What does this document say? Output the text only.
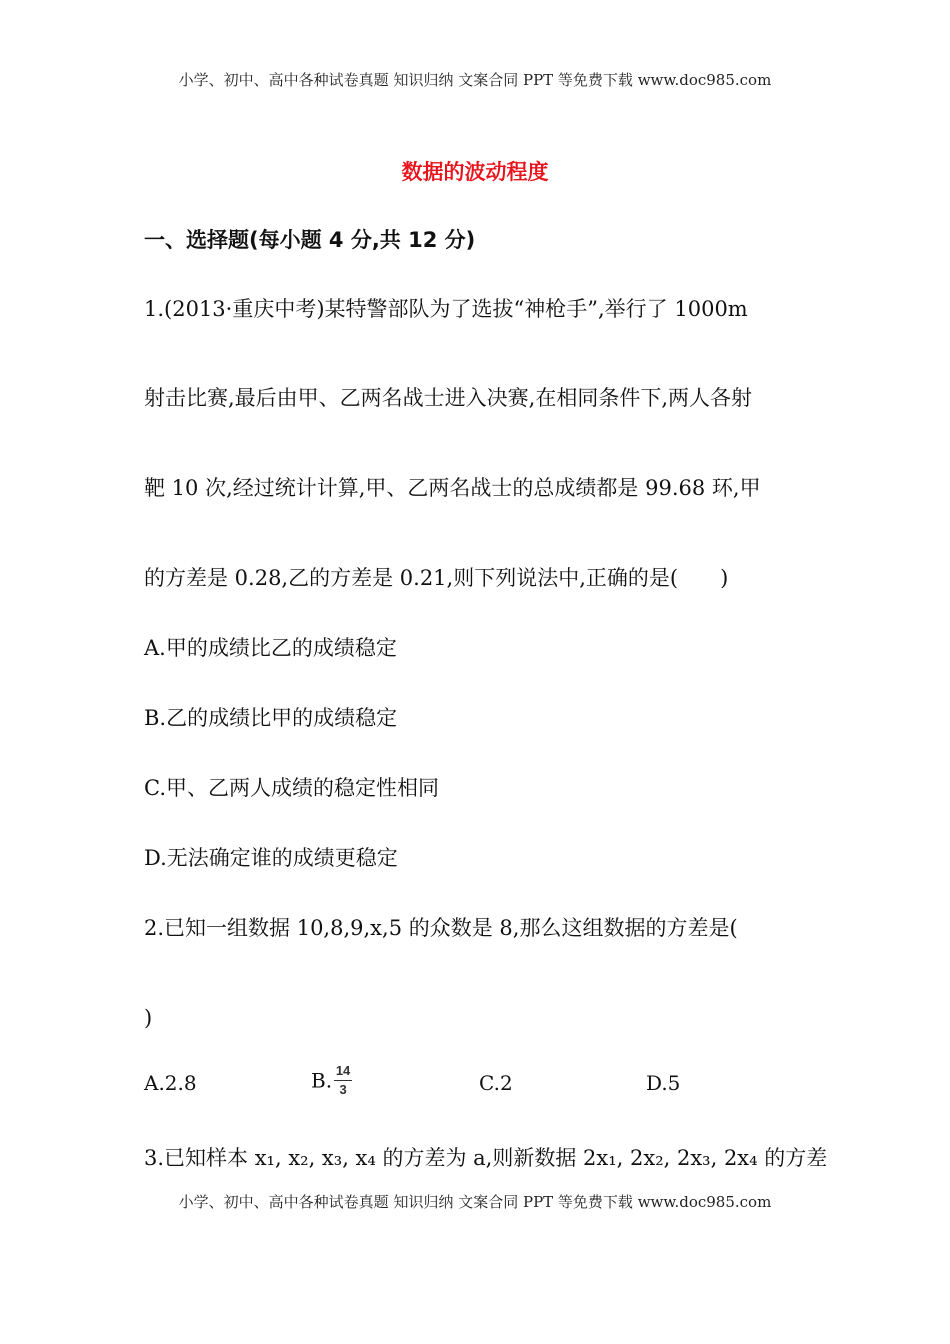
小学、初中、高中各种试卷真题 知识归纳 文案合同 PPT 等免费下载 www.doc985.com
数据的波动程度
一、选择题(每小题 4 分,共 12 分)
1.(2013·重庆中考)某特警部队为了选拔“神枪手”,举行了 1000m
射击比赛,最后由甲、乙两名战士进入决赛,在相同条件下,两人各射
靶 10 次,经过统计计算,甲、乙两名战士的总成绩都是 99.68 环,甲
的方差是 0.28,乙的方差是 0.21,则下列说法中,正确的是(　　)
A.甲的成绩比乙的成绩稳定
B.乙的成绩比甲的成绩稳定
C.甲、乙两人成绩的稳定性相同
D.无法确定谁的成绩更稳定
2.已知一组数据 10,8,9,x,5 的众数是 8,那么这组数据的方差是(
)
A.2.8	B. $\frac{14}{3}$	C.2	D.5
3.已知样本 x₁, x₂, x₃, x₄ 的方差为 a,则新数据 2x₁, 2x₂, 2x₃, 2x₄ 的方差
小学、初中、高中各种试卷真题 知识归纳 文案合同 PPT 等免费下载 www.doc985.com
